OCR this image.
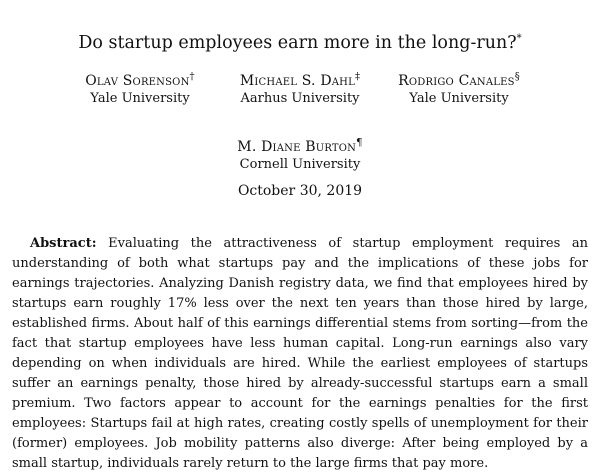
Do startup employees earn more in the long-run?*
Olav Sorenson†
Yale University
Michael S. Dahl‡
Aarhus University
Rodrigo Canales§
Yale University
M. Diane Burton¶
Cornell University
October 30, 2019

Abstract: Evaluating the attractiveness of startup employment requires an understanding of both what startups pay and the implications of these jobs for earnings trajectories. Analyzing Danish registry data, we find that employees hired by startups earn roughly 17% less over the next ten years than those hired by large, established firms. About half of this earnings differential stems from sorting—from the fact that startup employees have less human capital. Long-run earnings also vary depending on when individuals are hired. While the earliest employees of startups suffer an earnings penalty, those hired by already-successful startups earn a small premium. Two factors appear to account for the earnings penalties for the first employees: Startups fail at high rates, creating costly spells of unemployment for their (former) employees. Job mobility patterns also diverge: After being employed by a small startup, individuals rarely return to the large firms that pay more.
